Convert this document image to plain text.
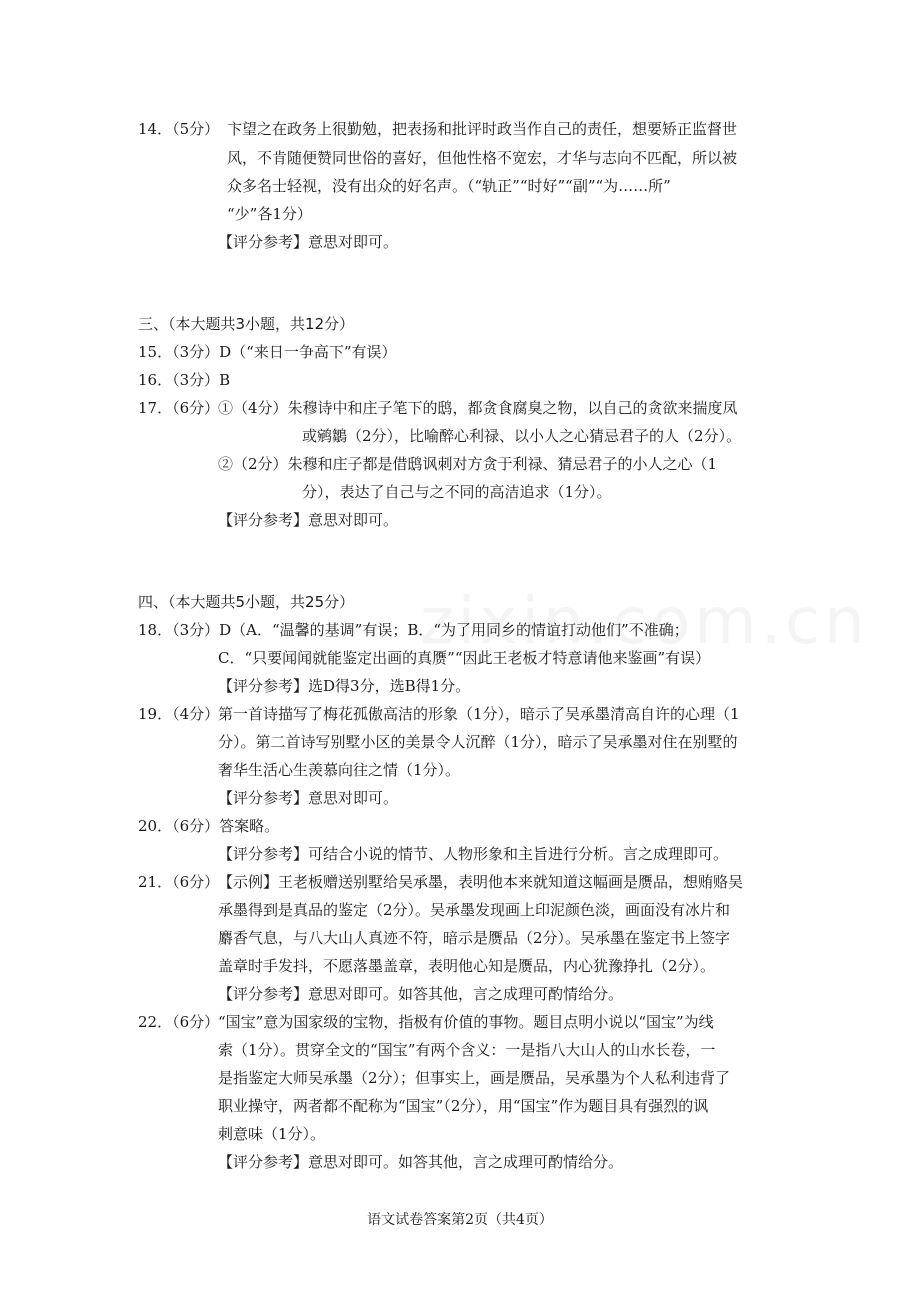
14．（5分） 卞望之在政务上很勤勉，把表扬和批评时政当作自己的责任，想要矫正监督世
风，不肯随便赞同世俗的喜好，但他性格不宽宏，才华与志向不匹配，所以被
众多名士轻视，没有出众的好名声。（“轨正”“时好”“副”“为……所”
“少”各1分）
【评分参考】意思对即可。
三、（本大题共3小题，共12分）
15．（3分）D（“来日一争高下”有误）
16．（3分）B
17．（6分）
①（4分）朱穆诗中和庄子笔下的鸱，都贪食腐臭之物，以自己的贪欲来揣度凤
或鹓鶵（2分），比喻醉心利禄、以小人之心猜忌君子的人（2分）。
②（2分）朱穆和庄子都是借鸱讽刺对方贪于利禄、猜忌君子的小人之心（1
分），表达了自己与之不同的高洁追求（1分）。
【评分参考】意思对即可。
四、（本大题共5小题，共25分）
18．（3分）D（A．“温馨的基调”有误；B．“为了用同乡的情谊打动他们”不准确；
C．“只要闻闻就能鉴定出画的真赝”“因此王老板才特意请他来鉴画”有误）
【评分参考】选D得3分，选B得1分。
19．（4分）
第一首诗描写了梅花孤傲高洁的形象（1分），暗示了吴承墨清高自许的心理（1
分）。第二首诗写别墅小区的美景令人沉醉（1分），暗示了吴承墨对住在别墅的
奢华生活心生羡慕向往之情（1分）。
【评分参考】意思对即可。
20．（6分）答案略。
【评分参考】可结合小说的情节、人物形象和主旨进行分析。言之成理即可。
21．（6分）
【示例】王老板赠送别墅给吴承墨，表明他本来就知道这幅画是赝品，想贿赂吴
承墨得到是真品的鉴定（2分）。吴承墨发现画上印泥颜色淡，画面没有冰片和
麝香气息，与八大山人真迹不符，暗示是赝品（2分）。吴承墨在鉴定书上签字
盖章时手发抖，不愿落墨盖章，表明他心知是赝品，内心犹豫挣扎（2分）。
【评分参考】意思对即可。如答其他，言之成理可酌情给分。
22．（6分）
“国宝”意为国家级的宝物，指极有价值的事物。题目点明小说以“国宝”为线
索（1分）。贯穿全文的“国宝”有两个含义：一是指八大山人的山水长卷，一
是指鉴定大师吴承墨（2分）；但事实上，画是赝品，吴承墨为个人私利违背了
职业操守，两者都不配称为“国宝”（2分），用“国宝”作为题目具有强烈的讽
刺意味（1分）。
【评分参考】意思对即可。如答其他，言之成理可酌情给分。
语文试卷答案第2页（共4页）
